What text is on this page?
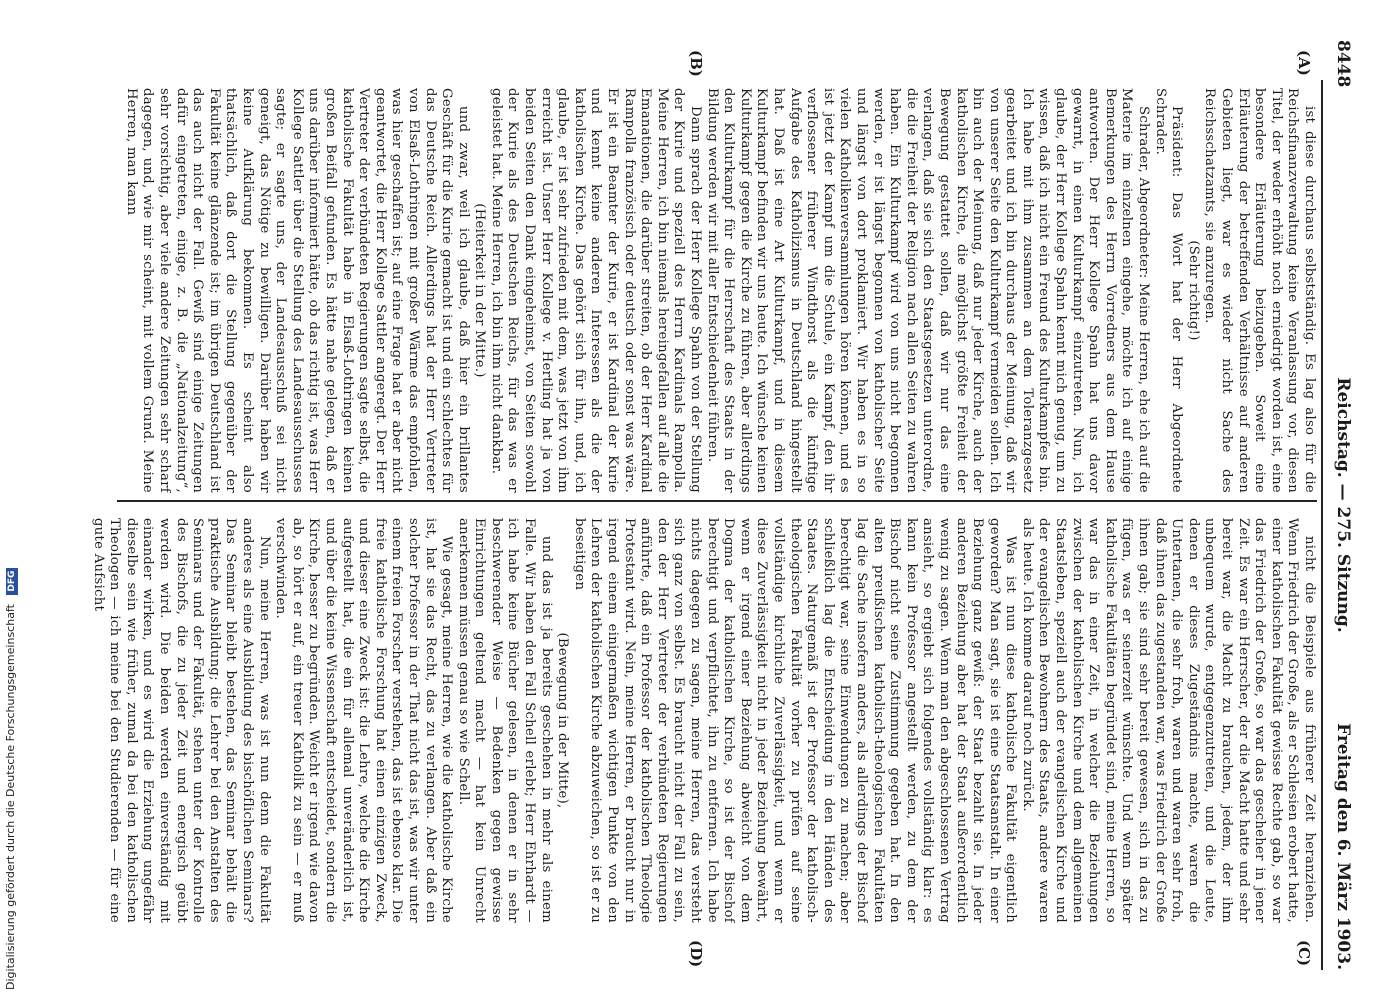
8448
Reichstag. — 275. Sitzung.
Freitag den 6. März 1903.
(A)
(B)
(C)
(D)

ist diese durchaus selbstständig. Es lag also für die Reichsfinanzverwaltung keine Veranlassung vor, diesen Titel, der weder erhöht noch erniedrigt worden ist, eine besondere Erläuterung beizugeben. Soweit eine Erläuterung der betreffenden Verhältnisse auf anderen Gebieten liegt, war es wieder nicht Sache des Reichsschatzamts, sie anzuregen.

(Sehr richtig!)

Präsident: Das Wort hat der Herr Abgeordnete Schrader.

Schrader, Abgeordneter: Meine Herren, ehe ich auf die Materie im einzelnen eingehe, möchte ich auf einige Bemerkungen des Herrn Vorredners aus dem Hause antworten. Der Herr Kollege Spahn hat uns davor gewarnt, in einen Kulturkampf einzutreten. Nun, ich glaube, der Herr Kollege Spahn kennt mich genug, um zu wissen, daß ich nicht ein Freund des Kulturkampfes bin. Ich habe mit ihm zusammen an dem Toleranzgesetz gearbeitet und ich bin durchaus der Meinung, daß wir von unserer Seite den Kulturkampf vermeiden sollen. Ich bin auch der Meinung, daß nur jeder Kirche, auch der katholischen Kirche, die möglichst größte Freiheit der Bewegung gestattet sollen, daß wir nur das eine verlangen, daß sie sich den Staatsgesetzen unterordne, die die Freiheit der Religion nach allen Seiten zu wahren haben. Ein Kulturkampf wird von uns nicht begonnen werden, er ist längst begonnen von katholischer Seite und längst von dort proklamiert. Wir haben es in so vielen Katholikenversammlungen hören können, und es ist jetzt der Kampf um die Schule, ein Kampf, den ihr verflossener früherer Windthorst als die künftige Aufgabe des Katholizismus in Deutschland hingestellt hat. Daß ist eine Art Kulturkampf, und in diesem Kulturkampf befinden wir uns heute. Ich wünsche keinen Kulturkampf gegen die Kirche zu führen, aber allerdings den Kulturkampf für die Herrschaft des Staats in der Bildung werden wir mit aller Entschiedenheit führen.

Dann sprach der Herr Kollege Spahn von der Stellung der Kurie und speziell des Herrn Kardinals Rampolla. Meine Herren, ich bin niemals hereingefallen auf alle die Emanationen, die darüber streiten, ob der Herr Kardinal Rampolla französisch oder deutsch oder sonst was wäre. Er ist ein Beamter der Kurie, er ist Kardinal der Kurie und kennt keine anderen Interessen als die der katholischen Kirche. Das gehört sich für ihn, und, ich glaube, er ist sehr zufrieden mit dem, was jetzt von ihm erreicht ist. Unser Herr Kollege v. Hertling hat ja von beiden Seiten den Dank eingeheimst, von Seiten sowohl der Kurie als des Deutschen Reichs, für das was er geleistet hat. Meine Herren, ich bin ihm nicht dankbar.

(Heiterkeit in der Mitte.)

und zwar, weil ich glaube, daß hier ein brillantes Geschäft für die Kurie gemacht ist und ein schlechtes für das Deutsche Reich. Allerdings hat der Herr Vertreter von Elsaß-Lothringen mit großer Wärme das empfohlen, was hier geschaffen ist; auf eine Frage hat er aber nicht geantwortet, die Herr Kollege Sattler angeregt. Der Herr Vertreter der verbündeten Regierungen sagte selbst, die katholische Fakultät habe in Elsaß-Lothringen keinen großen Beifall gefunden. Es hätte nahe gelegen, daß er uns darüber informiert hätte, ob das richtig ist, was Herr Kollege Sattler über die Stellung des Landesausschusses sagte; er sagte uns, der Landesausschuß sei nicht geneigt, das Nötige zu bewilligen. Darüber haben wir keine Aufklärung bekommen. Es scheint also thatsächlich, daß dort die Stellung gegenüber der Fakultät keine glänzende ist; im übrigen Deutschland ist das auch nicht der Fall. Gewiß sind einige Zeitungen dafür eingetreten, einige, z. B. die „Nationalzeitung“, sehr vorsichtig, aber viele andere Zeitungen sehr scharf dagegen, und, wie mir scheint, mit vollem Grund. Meine Herren, man kann

nicht die Beispiele aus früherer Zeit heranziehen. Wenn Friedrich der Große, als er Schlesien erobert hatte, einer katholischen Fakultät gewisse Rechte gab, so war das Friedrich der Große, so war das gescheher in jener Zeit. Es war ein Herrscher, der die Macht hatte und sehr bereit war, die Macht zu brauchen, jedem, der ihm unbequem wurde, entgegenzutreten, und die Leute, denen er dieses Zugeständnis machte, waren die Untertanen, die sehr froh, waren und waren sehr froh, daß ihnen das zugestanden war, was Friedrich der Große ihnen gab; sie sind sehr bereit gewesen, sich in das zu fügen, was er seinerzeit wünschte. Und wenn später katholische Fakultäten begründet sind, meine Herren, so war das in einer Zeit, in welcher die Beziehungen zwischen der katholischen Kirche und dem allgemeinen Staatsleben, speziell auch der evangelischen Kirche und der evangelischen Bewohnern des Staats, andere waren als heute. Ich komme darauf noch zurück.

Was ist nun diese katholische Fakultät eigentlich geworden? Man sagt, sie ist eine Staatsanstalt. In einer Beziehung ganz gewiß: der Staat bezahlt sie. In jeder anderen Beziehung aber hat der Staat außerordentlich wenig zu sagen. Wenn man den abgeschlossenen Vertrag ansieht, so ergiebt sich folgendes vollständig klar: es kann kein Professor angestellt werden, zu dem der Bischof nicht seine Zustimmung gegeben hat. In den alten preußischen katholisch-theologischen Fakultäten lag die Sache insofern anders, als allerdings der Bischof berechtigt war, seine Einwendungen zu machen; aber schließlich lag die Entscheidung in den Händen des Staates. Naturgemäß ist der Professor der katholisch-theologischen Fakultät vorher zu prüfen auf seine vollständige kirchliche Zuverlässigkeit, und wenn er diese Zuverlässigkeit nicht in jeder Beziehung bewährt, wenn er irgend einer Beziehung abweicht von dem Dogma der katholischen Kirche, so ist der Bischof berechtigt und verpflichtet, ihn zu entfernen. Ich habe nichts dagegen zu sagen, meine Herren, das versteht sich ganz von selbst. Es braucht nicht der Fall zu sein, den der Herr Vertreter der verbündeten Regierungen anführte, daß ein Professor der katholischen Theologie Protestant wird. Nein, meine Herren, er braucht nur in irgend einem einigermaßen wichtigen Punkte von den Lehren der katholischen Kirche abzuweichen, so ist er zu beseitigen

(Bewegung in der Mitte),

und das ist ja bereits geschehen in mehr als einem Falle. Wir haben den Fall Schell erlebt; Herr Ehrhardt — ich habe keine Bücher gelesen, in denen er in sehr beschwerender Weise — Bedenken gegen gewisse Einrichtungen geltend macht — hat kein Unrecht anerkennen müssen genau so wie Schell.

Wie gesagt, meine Herren, wie die katholische Kirche ist, hat sie das Recht, das zu verlangen. Aber daß ein solcher Professor in der That nicht das ist, was wir unter einem freien Forscher verstehen, das ist ebenso klar. Die freie katholische Forschung hat einen einzigen Zweck, und dieser eine Zweck ist: die Lehre, welche die Kirche aufgestellt hat, die ein für allemal unveränderlich ist, und über die keine Wissenschaft entscheidet, sondern die Kirche, besser zu begründen. Weicht er irgend wie davon ab, so hört er auf, ein treuer Katholik zu sein — er muß verschwinden.

Nun, meine Herren, was ist nun denn die Fakultät anderes als eine Ausbildung des bischöflichen Seminars? Das Seminar bleibt bestehen, das Seminar behält die praktische Ausbildung; die Lehrer bei den Anstalten des Seminars und der Fakultät, stehen unter der Kontrolle des Bischofs, die zu jeder Zeit und energisch geübt werden wird. Die beiden werden einverständig mit einander wirken, und es wird die Erziehung ungefähr dieselbe sein wie früher, zumal da bei den katholischen Theologen — ich meine bei den Studierenden — für eine gute Aufsicht

Digitalisierung gefördert durch die Deutsche Forschungsgemeinschaft DFG
